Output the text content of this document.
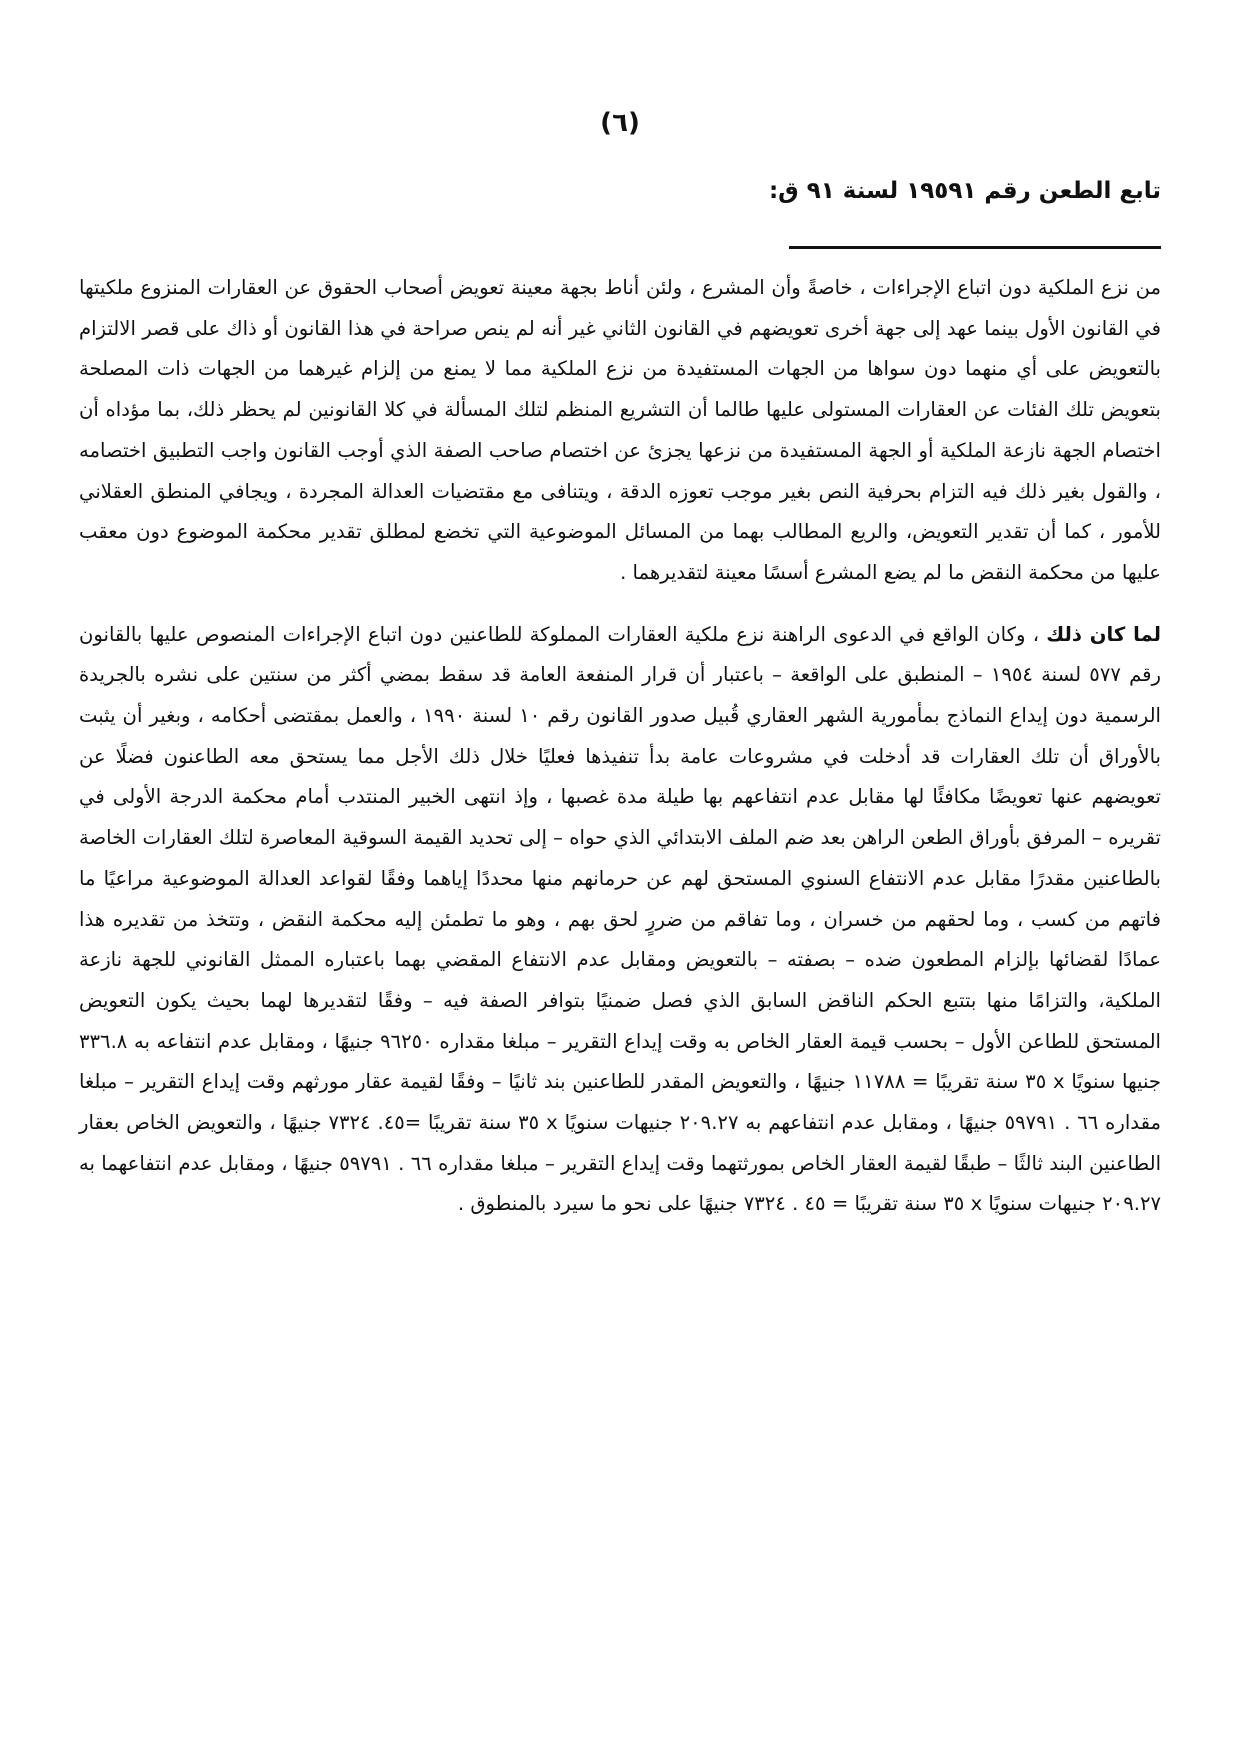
(٦)
تابع الطعن رقم ١٩٥٩١ لسنة ٩١ ق:

من نزع الملكية دون اتباع الإجراءات ، خاصةً وأن المشرع ، ولئن أناط بجهة معينة تعويض أصحاب الحقوق عن العقارات المنزوع ملكيتها في القانون الأول بينما عهد إلى جهة أخرى تعويضهم في القانون الثاني غير أنه لم ينص صراحة في هذا القانون أو ذاك على قصر الالتزام بالتعويض على أي منهما دون سواها من الجهات المستفيدة من نزع الملكية مما لا يمنع من إلزام غيرهما من الجهات ذات المصلحة بتعويض تلك الفئات عن العقارات المستولى عليها طالما أن التشريع المنظم لتلك المسألة في كلا القانونين لم يحظر ذلك، بما مؤداه أن اختصام الجهة نازعة الملكية أو الجهة المستفيدة من نزعها يجزئ عن اختصام صاحب الصفة الذي أوجب القانون واجب التطبيق اختصامه ، والقول بغير ذلك فيه التزام بحرفية النص بغير موجب تعوزه الدقة ، ويتنافى مع مقتضيات العدالة المجردة ، ويجافي المنطق العقلاني للأمور ، كما أن تقدير التعويض، والريع المطالب بهما من المسائل الموضوعية التي تخضع لمطلق تقدير محكمة الموضوع دون معقب عليها من محكمة النقض ما لم يضع المشرع أسسًا معينة لتقديرهما .

لما كان ذلك ، وكان الواقع في الدعوى الراهنة نزع ملكية العقارات المملوكة للطاعنين دون اتباع الإجراءات المنصوص عليها بالقانون رقم ٥٧٧ لسنة ١٩٥٤ – المنطبق على الواقعة – باعتبار أن قرار المنفعة العامة قد سقط بمضي أكثر من سنتين على نشره بالجريدة الرسمية دون إيداع النماذج بمأمورية الشهر العقاري قُبيل صدور القانون رقم ١٠ لسنة ١٩٩٠ ، والعمل بمقتضى أحكامه ، وبغير أن يثبت بالأوراق أن تلك العقارات قد أدخلت في مشروعات عامة بدأ تنفيذها فعليًا خلال ذلك الأجل مما يستحق معه الطاعنون فضلًا عن تعويضهم عنها تعويضًا مكافئًا لها مقابل عدم انتفاعهم بها طيلة مدة غصبها ، وإذ انتهى الخبير المنتدب أمام محكمة الدرجة الأولى في تقريره – المرفق بأوراق الطعن الراهن بعد ضم الملف الابتدائي الذي حواه – إلى تحديد القيمة السوقية المعاصرة لتلك العقارات الخاصة بالطاعنين مقدرًا مقابل عدم الانتفاع السنوي المستحق لهم عن حرمانهم منها محددًا إياهما وفقًا لقواعد العدالة الموضوعية مراعيًا ما فاتهم من كسب ، وما لحقهم من خسران ، وما تفاقم من ضررٍ لحق بهم ، وهو ما تطمئن إليه محكمة النقض ، وتتخذ من تقديره هذا عمادًا لقضائها بإلزام المطعون ضده – بصفته – بالتعويض ومقابل عدم الانتفاع المقضي بهما باعتباره الممثل القانوني للجهة نازعة الملكية، والتزامًا منها بتتبع الحكم الناقض السابق الذي فصل ضمنيًا بتوافر الصفة فيه – وفقًا لتقديرها لهما بحيث يكون التعويض المستحق للطاعن الأول – بحسب قيمة العقار الخاص به وقت إيداع التقرير – مبلغا مقداره ٩٦٢٥٠ جنيهًا ، ومقابل عدم انتفاعه به ٣٣٦.٨ جنيها سنويًا x ٣٥ سنة تقريبًا = ١١٧٨٨ جنيهًا ، والتعويض المقدر للطاعنين بند ثانيًا – وفقًا لقيمة عقار مورثهم وقت إيداع التقرير – مبلغا مقداره ٦٦ . ٥٩٧٩١ جنيهًا ، ومقابل عدم انتفاعهم به ٢٠٩.٢٧ جنيهات سنويًا x ٣٥ سنة تقريبًا =٤٥. ٧٣٢٤ جنيهًا ، والتعويض الخاص بعقار الطاعنين البند ثالثًا – طبقًا لقيمة العقار الخاص بمورثتهما وقت إيداع التقرير – مبلغا مقداره ٦٦ . ٥٩٧٩١ جنيهًا ، ومقابل عدم انتفاعهما به ٢٠٩.٢٧ جنيهات سنويًا x ٣٥ سنة تقريبًا = ٤٥ . ٧٣٢٤ جنيهًا على نحو ما سيرد بالمنطوق .
